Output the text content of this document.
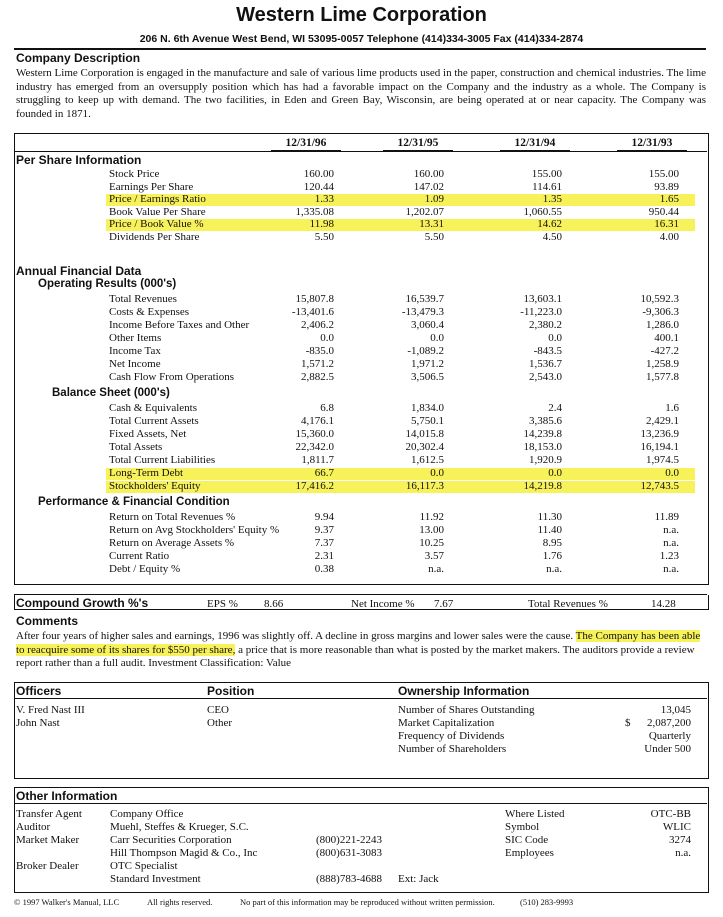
Western Lime Corporation
206 N. 6th Avenue West Bend, WI 53095-0057 Telephone (414)334-3005 Fax (414)334-2874
Company Description
Western Lime Corporation is engaged in the manufacture and sale of various lime products used in the paper, construction and chemical industries. The lime industry has emerged from an oversupply position which has had a favorable impact on the Company and the industry as a whole. The Company is struggling to keep up with demand. The two facilities, in Eden and Green Bay, Wisconsin, are being operated at or near capacity. The Company was founded in 1871.
12/31/96	12/31/95	12/31/94	12/31/93
Per Share Information
Stock Price	160.00	160.00	155.00	155.00
Earnings Per Share	120.44	147.02	114.61	93.89
Price / Earnings Ratio	1.33	1.09	1.35	1.65
Book Value Per Share	1,335.08	1,202.07	1,060.55	950.44
Price / Book Value %	11.98	13.31	14.62	16.31
Dividends Per Share	5.50	5.50	4.50	4.00
Annual Financial Data
Operating Results (000's)
Total Revenues	15,807.8	16,539.7	13,603.1	10,592.3
Costs & Expenses	-13,401.6	-13,479.3	-11,223.0	-9,306.3
Income Before Taxes and Other	2,406.2	3,060.4	2,380.2	1,286.0
Other Items	0.0	0.0	0.0	400.1
Income Tax	-835.0	-1,089.2	-843.5	-427.2
Net Income	1,571.2	1,971.2	1,536.7	1,258.9
Cash Flow From Operations	2,882.5	3,506.5	2,543.0	1,577.8
Balance Sheet (000's)
Cash & Equivalents	6.8	1,834.0	2.4	1.6
Total Current Assets	4,176.1	5,750.1	3,385.6	2,429.1
Fixed Assets, Net	15,360.0	14,015.8	14,239.8	13,236.9
Total Assets	22,342.0	20,302.4	18,153.0	16,194.1
Total Current Liabilities	1,811.7	1,612.5	1,920.9	1,974.5
Long-Term Debt	66.7	0.0	0.0	0.0
Stockholders' Equity	17,416.2	16,117.3	14,219.8	12,743.5
Performance & Financial Condition
Return on Total Revenues %	9.94	11.92	11.30	11.89
Return on Avg Stockholders' Equity %	9.37	13.00	11.40	n.a.
Return on Average Assets %	7.37	10.25	8.95	n.a.
Current Ratio	2.31	3.57	1.76	1.23
Debt / Equity %	0.38	n.a.	n.a.	n.a.
Compound Growth %'s	EPS % 8.66	Net Income % 7.67	Total Revenues %	14.28
Comments
After four years of higher sales and earnings, 1996 was slightly off. A decline in gross margins and lower sales were the cause. The Company has been able to reacquire some of its shares for $550 per share, a price that is more reasonable than what is posted by the market makers. The auditors provide a review report rather than a full audit. Investment Classification: Value
Officers	Position	Ownership Information
V. Fred Nast III	CEO
John Nast	Other
Number of Shares Outstanding	13,045
Market Capitalization	$ 2,087,200
Frequency of Dividends	Quarterly
Number of Shareholders	Under 500
Other Information
Transfer Agent	Company Office
Auditor	Muehl, Steffes & Krueger, S.C.
Market Maker	Carr Securities Corporation	(800)221-2243
Hill Thompson Magid & Co., Inc	(800)631-3083
Broker Dealer	OTC Specialist
Standard Investment	(888)783-4688 Ext: Jack
Where Listed	OTC-BB
Symbol	WLIC
SIC Code	3274
Employees	n.a.
© 1997 Walker's Manual, LLC	All rights reserved.	No part of this information may be reproduced without written permission.	(510) 283-9993
